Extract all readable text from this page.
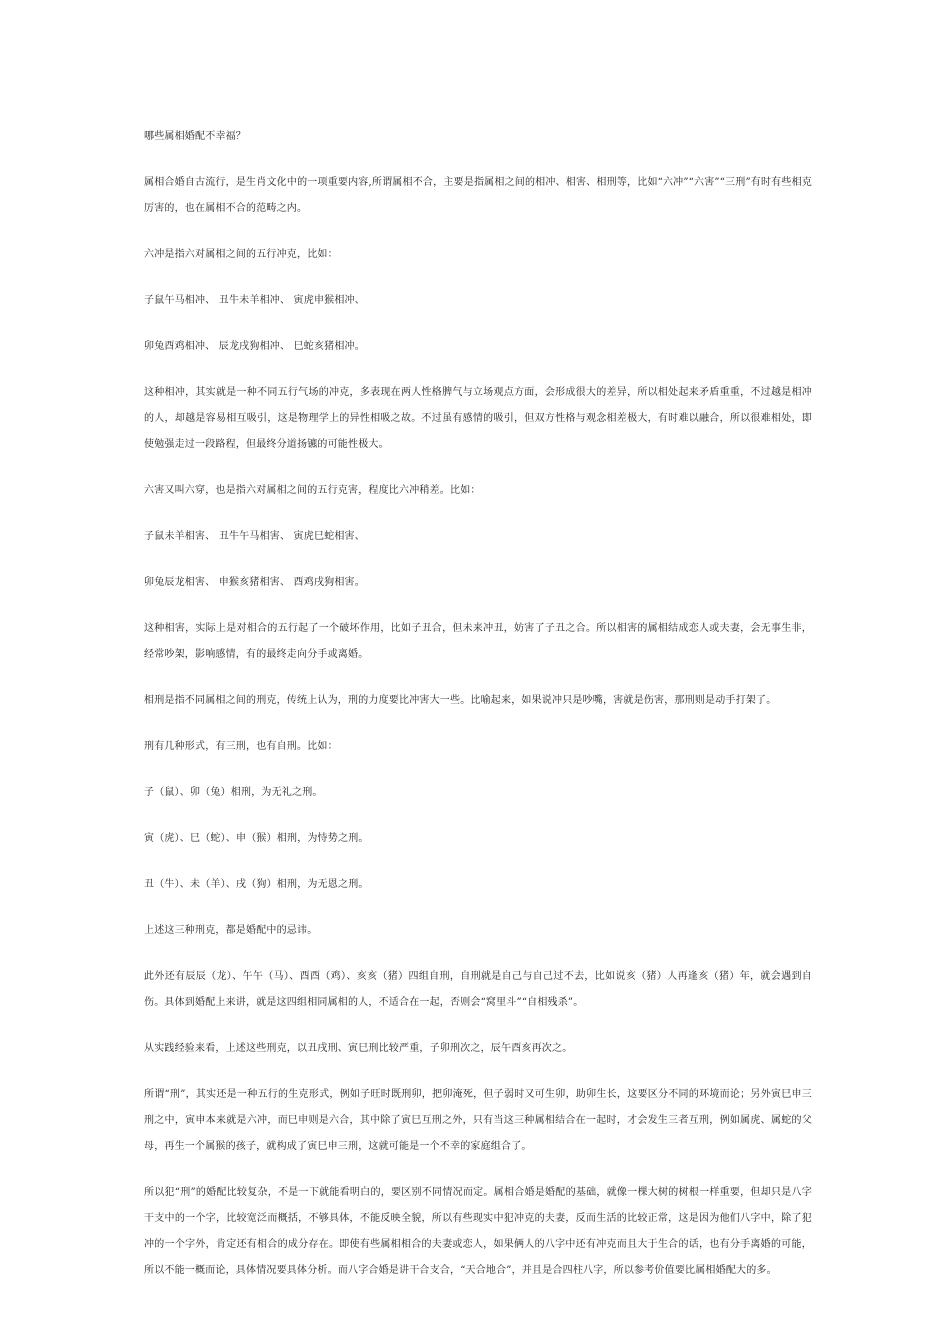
哪些属相婚配不幸福？

属相合婚自古流行，是生肖文化中的一项重要内容,所谓属相不合，主要是指属相之间的相冲、相害、相刑等，比如“六冲”“六害”“三刑”有时有些相克厉害的，也在属相不合的范畴之内。

六冲是指六对属相之间的五行冲克，比如：

子鼠午马相冲、 丑牛未羊相冲、 寅虎申猴相冲、

卯兔酉鸡相冲、 辰龙戌狗相冲、 巳蛇亥猪相冲。

这种相冲，其实就是一种不同五行气场的冲克，多表现在两人性格脾气与立场观点方面，会形成很大的差异，所以相处起来矛盾重重，不过越是相冲的人，却越是容易相互吸引，这是物理学上的异性相吸之故。不过虽有感情的吸引，但双方性格与观念相差极大，有时难以融合，所以很难相处，即使勉强走过一段路程，但最终分道扬镳的可能性极大。

六害又叫六穿，也是指六对属相之间的五行克害，程度比六冲稍差。比如：

子鼠未羊相害、 丑牛午马相害、 寅虎巳蛇相害、

卯兔辰龙相害、 申猴亥猪相害、 酉鸡戌狗相害。

这种相害，实际上是对相合的五行起了一个破坏作用，比如子丑合，但未来冲丑，妨害了子丑之合。所以相害的属相结成恋人或夫妻，会无事生非，经常吵架，影响感情，有的最终走向分手或离婚。

相刑是指不同属相之间的刑克，传统上认为，刑的力度要比冲害大一些。比喻起来，如果说冲只是吵嘴，害就是伤害，那刑则是动手打架了。

刑有几种形式，有三刑，也有自刑。比如：

子（鼠）、卯（兔）相刑，为无礼之刑。

寅（虎）、巳（蛇）、申（猴）相刑，为恃势之刑。

丑（牛）、未（羊）、戌（狗）相刑，为无恩之刑。

上述这三种刑克，都是婚配中的忌讳。

此外还有辰辰（龙）、午午（马）、酉酉（鸡）、亥亥（猪）四组自刑，自刑就是自己与自己过不去，比如说亥（猪）人再逢亥（猪）年，就会遇到自伤。具体到婚配上来讲，就是这四组相同属相的人，不适合在一起，否则会“窝里斗”“自相残杀”。

从实践经验来看，上述这些刑克，以丑戌刑、寅巳刑比较严重，子卯刑次之，辰午酉亥再次之。

所谓“刑”，其实还是一种五行的生克形式，例如子旺时既刑卯，把卯淹死，但子弱时又可生卯，助卯生长，这要区分不同的环境而论；另外寅巳申三刑之中，寅申本来就是六冲，而巳申则是六合，其中除了寅巳互刑之外，只有当这三种属相结合在一起时，才会发生三者互刑，例如属虎、属蛇的父母，再生一个属猴的孩子，就构成了寅巳申三刑，这就可能是一个不幸的家庭组合了。

所以犯“刑”的婚配比较复杂，不是一下就能看明白的，要区别不同情况而定。属相合婚是婚配的基础，就像一棵大树的树根一样重要，但却只是八字干支中的一个字，比较宽泛而概括，不够具体，不能反映全貌，所以有些现实中犯冲克的夫妻，反而生活的比较正常，这是因为他们八字中，除了犯冲的一个字外，肯定还有相合的成分存在。即使有些属相相合的夫妻或恋人，如果俩人的八字中还有冲克而且大于生合的话，也有分手离婚的可能，所以不能一概而论，具体情况要具体分析。而八字合婚是讲干合支合，“天合地合”，并且是合四柱八字，所以参考价值要比属相婚配大的多。
